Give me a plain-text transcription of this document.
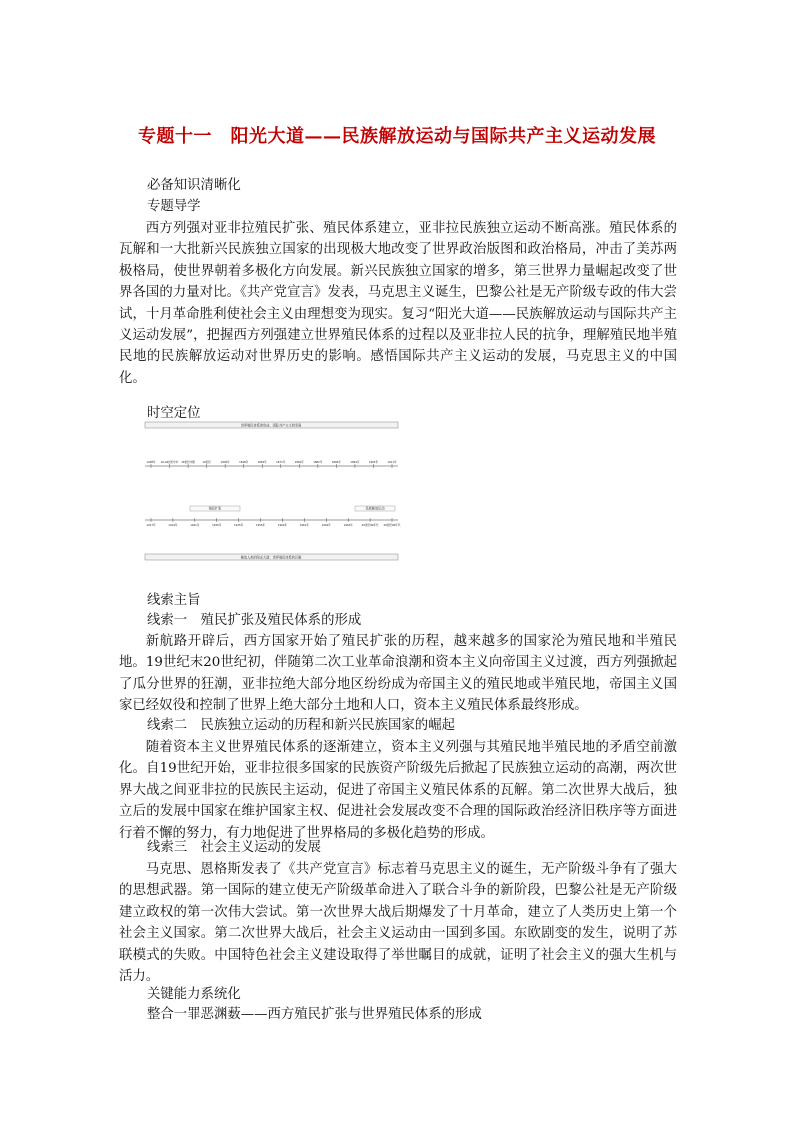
专题十一　阳光大道——民族解放运动与国际共产主义运动发展
必备知识清晰化
专题导学
西方列强对亚非拉殖民扩张、殖民体系建立，亚非拉民族独立运动不断高涨。殖民体系的瓦解和一大批新兴民族独立国家的出现极大地改变了世界政治版图和政治格局，冲击了美苏两极格局，使世界朝着多极化方向发展。新兴民族独立国家的增多，第三世界力量崛起改变了世界各国的力量对比。《共产党宣言》发表，马克思主义诞生，巴黎公社是无产阶级专政的伟大尝试，十月革命胜利使社会主义由理想变为现实。复习“阳光大道——民族解放运动与国际共产主义运动发展”，把握西方列强建立世界殖民体系的过程以及亚非拉人民的抗争，理解殖民地半殖民地的民族解放运动对世界历史的影响。感悟国际共产主义运动的发展，马克思主义的中国化。
时空定位
世界殖民体系的形成、国际共产主义的发展
1498年 16-18世纪中叶 18世纪中期	19世纪	1836年	1848年	1864年	1871年	1881年	1882年	1884年	1894年	1905年	1911年
1917年	1919年	1921年	1936年	1945年	1955年	1960年	1961年	1962年	1963年	20世纪80年代 20世纪90年代
殖民扩张	民族解放运动
解放人类的阳光大道：世界殖民体系的瓦解
线索主旨
线索一　殖民扩张及殖民体系的形成
新航路开辟后，西方国家开始了殖民扩张的历程，越来越多的国家沦为殖民地和半殖民地。19世纪末20世纪初，伴随第二次工业革命浪潮和资本主义向帝国主义过渡，西方列强掀起了瓜分世界的狂潮，亚非拉绝大部分地区纷纷成为帝国主义的殖民地或半殖民地，帝国主义国家已经奴役和控制了世界上绝大部分土地和人口，资本主义殖民体系最终形成。
线索二　民族独立运动的历程和新兴民族国家的崛起
随着资本主义世界殖民体系的逐渐建立，资本主义列强与其殖民地半殖民地的矛盾空前激化。自19世纪开始，亚非拉很多国家的民族资产阶级先后掀起了民族独立运动的高潮，两次世界大战之间亚非拉的民族民主运动，促进了帝国主义殖民体系的瓦解。第二次世界大战后，独立后的发展中国家在维护国家主权、促进社会发展改变不合理的国际政治经济旧秩序等方面进行着不懈的努力，有力地促进了世界格局的多极化趋势的形成。
线索三　社会主义运动的发展
马克思、恩格斯发表了《共产党宣言》标志着马克思主义的诞生，无产阶级斗争有了强大的思想武器。第一国际的建立使无产阶级革命进入了联合斗争的新阶段，巴黎公社是无产阶级建立政权的第一次伟大尝试。第一次世界大战后期爆发了十月革命，建立了人类历史上第一个社会主义国家。第二次世界大战后，社会主义运动由一国到多国。东欧剧变的发生，说明了苏联模式的失败。中国特色社会主义建设取得了举世瞩目的成就，证明了社会主义的强大生机与活力。
关键能力系统化
整合一罪恶渊薮——西方殖民扩张与世界殖民体系的形成
